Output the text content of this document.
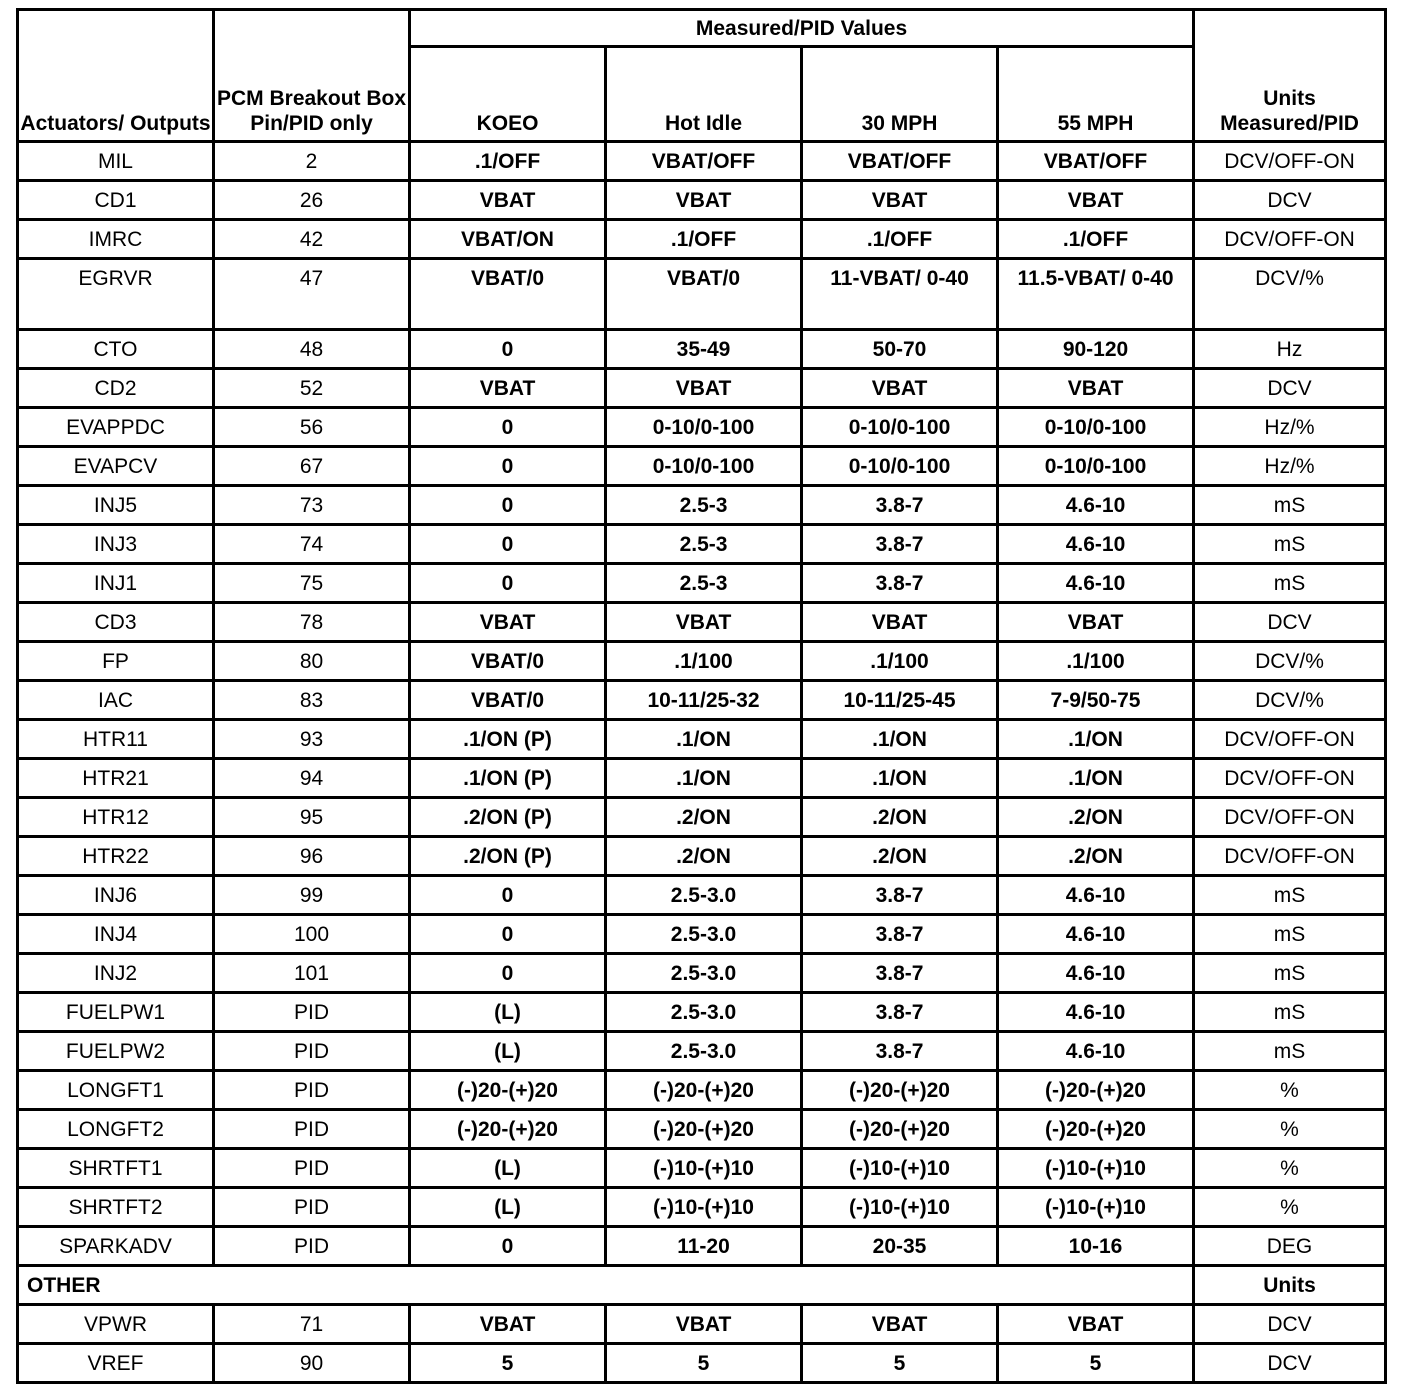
Actuators/ Outputs	PCM Breakout Box Pin/PID only	Measured/PID Values				Units Measured/PID
		KOEO	Hot Idle	30 MPH	55 MPH	
MIL	2	.1/OFF	VBAT/OFF	VBAT/OFF	VBAT/OFF	DCV/OFF-ON
CD1	26	VBAT	VBAT	VBAT	VBAT	DCV
IMRC	42	VBAT/ON	.1/OFF	.1/OFF	.1/OFF	DCV/OFF-ON
EGRVR	47	VBAT/0	VBAT/0	11-VBAT/ 0-40	11.5-VBAT/ 0-40	DCV/%
CTO	48	0	35-49	50-70	90-120	Hz
CD2	52	VBAT	VBAT	VBAT	VBAT	DCV
EVAPPDC	56	0	0-10/0-100	0-10/0-100	0-10/0-100	Hz/%
EVAPCV	67	0	0-10/0-100	0-10/0-100	0-10/0-100	Hz/%
INJ5	73	0	2.5-3	3.8-7	4.6-10	mS
INJ3	74	0	2.5-3	3.8-7	4.6-10	mS
INJ1	75	0	2.5-3	3.8-7	4.6-10	mS
CD3	78	VBAT	VBAT	VBAT	VBAT	DCV
FP	80	VBAT/0	.1/100	.1/100	.1/100	DCV/%
IAC	83	VBAT/0	10-11/25-32	10-11/25-45	7-9/50-75	DCV/%
HTR11	93	.1/ON (P)	.1/ON	.1/ON	.1/ON	DCV/OFF-ON
HTR21	94	.1/ON (P)	.1/ON	.1/ON	.1/ON	DCV/OFF-ON
HTR12	95	.2/ON (P)	.2/ON	.2/ON	.2/ON	DCV/OFF-ON
HTR22	96	.2/ON (P)	.2/ON	.2/ON	.2/ON	DCV/OFF-ON
INJ6	99	0	2.5-3.0	3.8-7	4.6-10	mS
INJ4	100	0	2.5-3.0	3.8-7	4.6-10	mS
INJ2	101	0	2.5-3.0	3.8-7	4.6-10	mS
FUELPW1	PID	(L)	2.5-3.0	3.8-7	4.6-10	mS
FUELPW2	PID	(L)	2.5-3.0	3.8-7	4.6-10	mS
LONGFT1	PID	(-)20-(+)20	(-)20-(+)20	(-)20-(+)20	(-)20-(+)20	%
LONGFT2	PID	(-)20-(+)20	(-)20-(+)20	(-)20-(+)20	(-)20-(+)20	%
SHRTFT1	PID	(L)	(-)10-(+)10	(-)10-(+)10	(-)10-(+)10	%
SHRTFT2	PID	(L)	(-)10-(+)10	(-)10-(+)10	(-)10-(+)10	%
SPARKADV	PID	0	11-20	20-35	10-16	DEG
OTHER						Units
VPWR	71	VBAT	VBAT	VBAT	VBAT	DCV
VREF	90	5	5	5	5	DCV
